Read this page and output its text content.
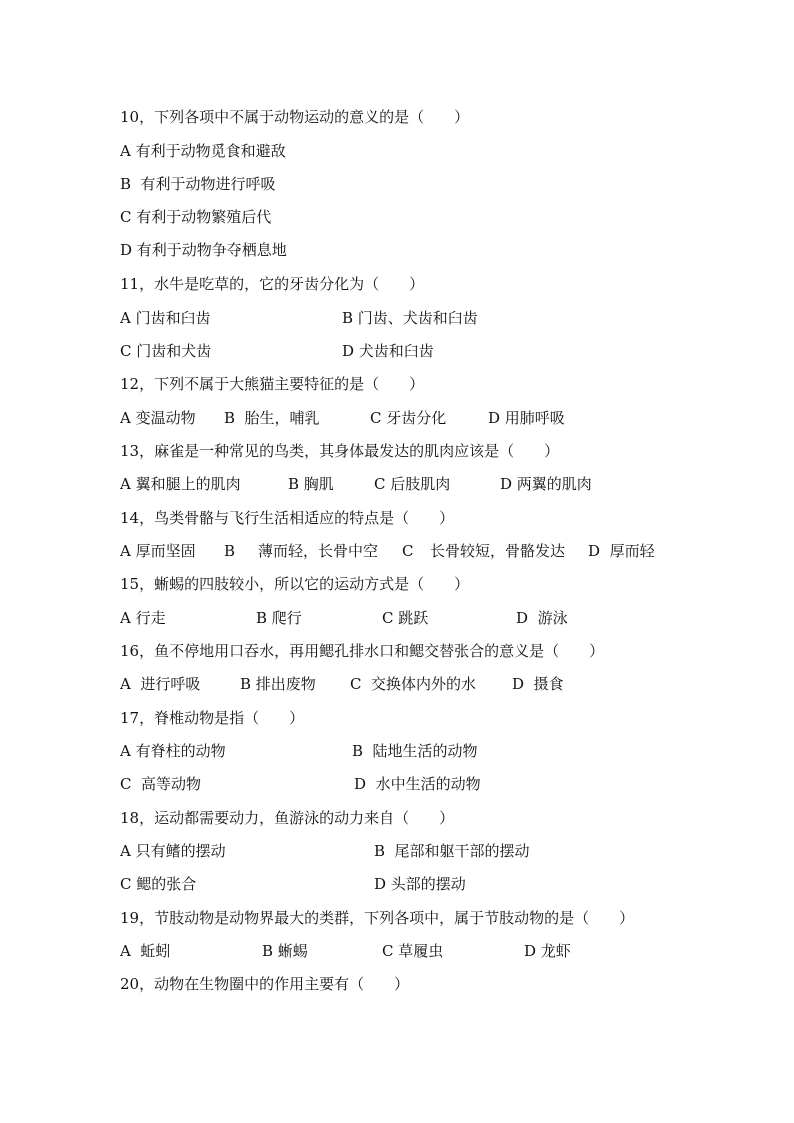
10，下列各项中不属于动物运动的意义的是（　　）
A 有利于动物觅食和避敌
B  有利于动物进行呼吸
C 有利于动物繁殖后代
D 有利于动物争夺栖息地
11，水牛是吃草的，它的牙齿分化为（　　）

A 门齿和臼齿

	B 门齿、犬齿和臼齿

C 门齿和犬齿

	D 犬齿和臼齿

12，下列不属于大熊猫主要特征的是（　　）

A 变温动物

B  胎生，哺乳

	C 牙齿分化

	D 用肺呼吸

13，麻雀是一种常见的鸟类，其身体最发达的肌肉应该是（　　）

A 翼和腿上的肌肉

	B 胸肌

	C 后肢肌肉

	D 两翼的肌肉

14，鸟类骨骼与飞行生活相适应的特点是（　　）

A 厚而坚固

B

薄而轻，长骨中空

C

长骨较短，骨骼发达

D  厚而轻

15，蜥蜴的四肢较小，所以它的运动方式是（　　）

A 行走

	B 爬行

	C 跳跃

	D  游泳

16，鱼不停地用口吞水，再用鳃孔排水口和鳃交替张合的意义是（　　）

A  进行呼吸

	B 排出废物

C  交换体内外的水

D  摄食

17，脊椎动物是指（　　）

A 有脊柱的动物

	B  陆地生活的动物

C  高等动物

	D  水中生活的动物

18，运动都需要动力，鱼游泳的动力来自（　　）

A 只有鳍的摆动

	B  尾部和躯干部的摆动

C 鳃的张合

	D 头部的摆动

19，节肢动物是动物界最大的类群，下列各项中，属于节肢动物的是（　　）

A  蚯蚓

	B 蜥蜴

	C 草履虫

	D 龙虾

20，动物在生物圈中的作用主要有（　　）
